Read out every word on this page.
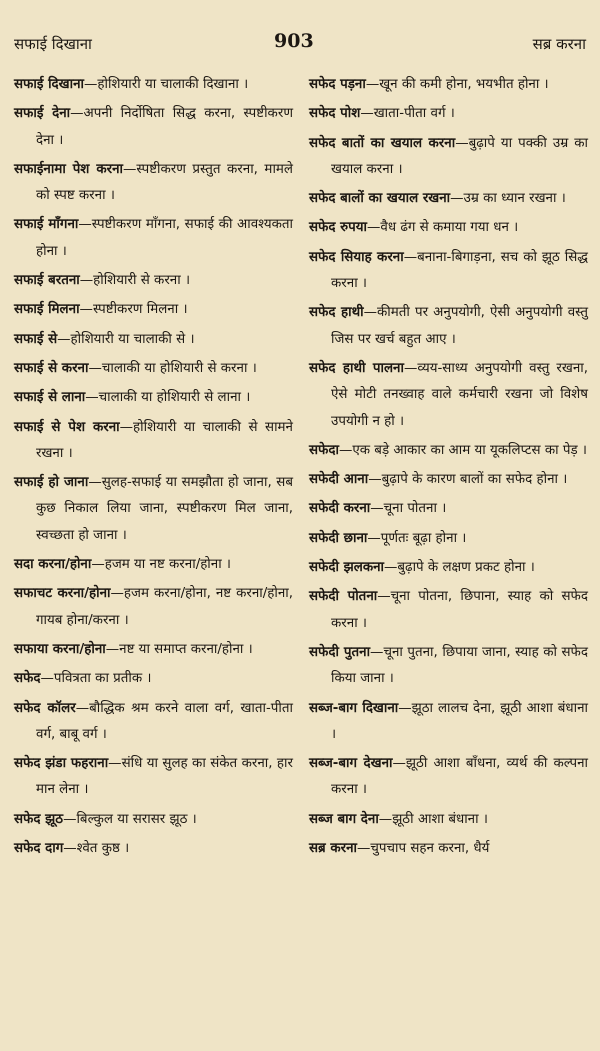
सफाई दिखाना	903	सब्र करना
सफाई दिखाना—होशियारी या चालाकी दिखाना ।
सफाई देना—अपनी निर्दोषिता सिद्ध करना, स्पष्टीकरण देना ।
सफाईनामा पेश करना—स्पष्टीकरण प्रस्तुत करना, मामले को स्पष्ट करना ।
सफाई माँगना—स्पष्टीकरण माँगना, सफाई की आवश्यकता होना ।
सफाई बरतना—होशियारी से करना ।
सफाई मिलना—स्पष्टीकरण मिलना ।
सफाई से—होशियारी या चालाकी से ।
सफाई से करना—चालाकी या होशियारी से करना ।
सफाई से लाना—चालाकी या होशियारी से लाना ।
सफाई से पेश करना—होशियारी या चालाकी से सामने रखना ।
सफाई हो जाना—सुलह-सफाई या समझौता हो जाना, सब कुछ निकाल लिया जाना, स्पष्टीकरण मिल जाना, स्वच्छता हो जाना ।
सदा करना/होना—हजम या नष्ट करना/होना ।
सफाचट करना/होना—हजम करना/होना, नष्ट करना/होना, गायब होना/करना ।
सफाया करना/होना—नष्ट या समाप्त करना/होना ।
सफेद—पवित्रता का प्रतीक ।
सफेद कॉलर—बौद्धिक श्रम करने वाला वर्ग, खाता-पीता वर्ग, बाबू वर्ग ।
सफेद झंडा फहराना—संधि या सुलह का संकेत करना, हार मान लेना ।
सफेद झूठ—बिल्कुल या सरासर झूठ ।
सफेद दाग—श्वेत कुष्ठ ।
सफेद पड़ना—खून की कमी होना, भयभीत होना ।
सफेद पोश—खाता-पीता वर्ग ।
सफेद बातों का खयाल करना—बुढ़ापे या पक्की उम्र का खयाल करना ।
सफेद बालों का खयाल रखना—उम्र का ध्यान रखना ।
सफेद रुपया—वैध ढंग से कमाया गया धन ।
सफेद सियाह करना—बनाना-बिगाड़ना, सच को झूठ सिद्ध करना ।
सफेद हाथी—कीमती पर अनुपयोगी, ऐसी अनुपयोगी वस्तु जिस पर खर्च बहुत आए ।
सफेद हाथी पालना—व्यय-साध्य अनुपयोगी वस्तु रखना, ऐसे मोटी तनख्वाह वाले कर्मचारी रखना जो विशेष उपयोगी न हो ।
सफेदा—एक बड़े आकार का आम या यूकलिप्टस का पेड़ ।
सफेदी आना—बुढ़ापे के कारण बालों का सफेद होना ।
सफेदी करना—चूना पोतना ।
सफेदी छाना—पूर्णतः बूढ़ा होना ।
सफेदी झलकना—बुढ़ापे के लक्षण प्रकट होना ।
सफेदी पोतना—चूना पोतना, छिपाना, स्याह को सफेद करना ।
सफेदी पुतना—चूना पुतना, छिपाया जाना, स्याह को सफेद किया जाना ।
सब्ज-बाग दिखाना—झूठा लालच देना, झूठी आशा बंधाना ।
सब्ज-बाग देखना—झूठी आशा बाँधना, व्यर्थ की कल्पना करना ।
सब्ज बाग देना—झूठी आशा बंधाना ।
सब्र करना—चुपचाप सहन करना, धैर्य
